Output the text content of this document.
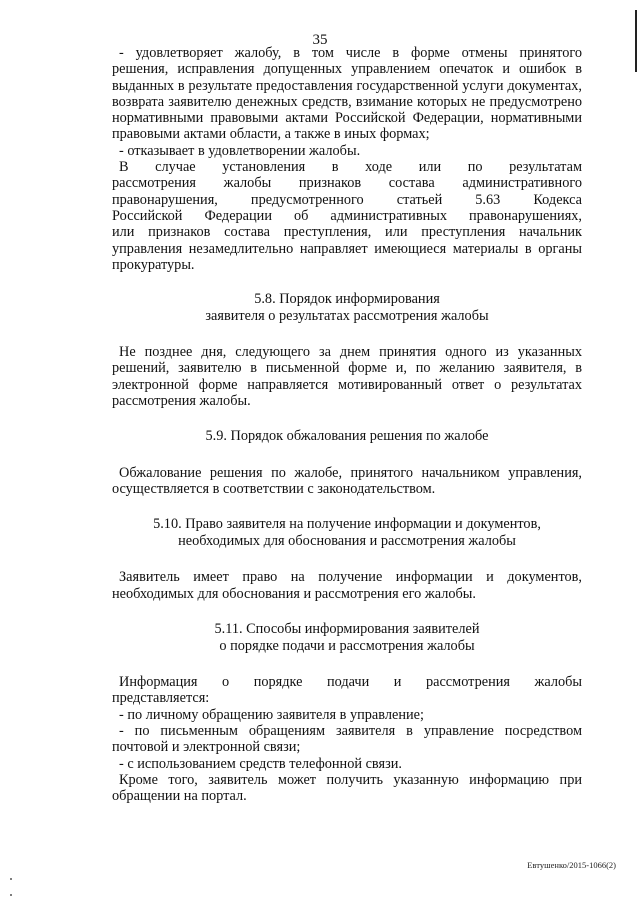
35

- удовлетворяет жалобу, в том числе в форме отмены принятого

решения, исправления допущенных управлением опечаток и ошибок в

выданных в результате предоставления государственной услуги документах,

возврата заявителю денежных средств, взимание которых не предусмотрено

нормативными правовыми актами Российской Федерации, нормативными

правовыми актами области, а также в иных формах;

- отказывает в удовлетворении жалобы.

В случае установления в ходе или по результатам

рассмотрения жалобы признаков состава административного

правонарушения, предусмотренного статьей 5.63 Кодекса

Российской Федерации об административных правонарушениях,

или признаков состава преступления, или преступления начальник

управления незамедлительно направляет имеющиеся материалы в органы

прокуратуры.

5.8. Порядок информирования

заявителя о результатах рассмотрения жалобы

Не позднее дня, следующего за днем принятия одного из указанных

решений, заявителю в письменной форме и, по желанию заявителя, в

электронной форме направляется мотивированный ответ о результатах

рассмотрения жалобы.

5.9. Порядок обжалования решения по жалобе

Обжалование решения по жалобе, принятого начальником управления,

осуществляется в соответствии с законодательством.

5.10. Право заявителя на получение информации и документов,

необходимых для обоснования и рассмотрения жалобы

Заявитель имеет право на получение информации и документов,

необходимых для обоснования и рассмотрения его жалобы.

5.11. Способы информирования заявителей

о порядке подачи и рассмотрения жалобы

Информация о порядке подачи и рассмотрения жалобы

представляется:

- по личному обращению заявителя в управление;

- по письменным обращениям заявителя в управление посредством

почтовой и электронной связи;

- с использованием средств телефонной связи.

Кроме того, заявитель может получить указанную информацию при

обращении на портал.

Евтушенко/2015-1066(2)
